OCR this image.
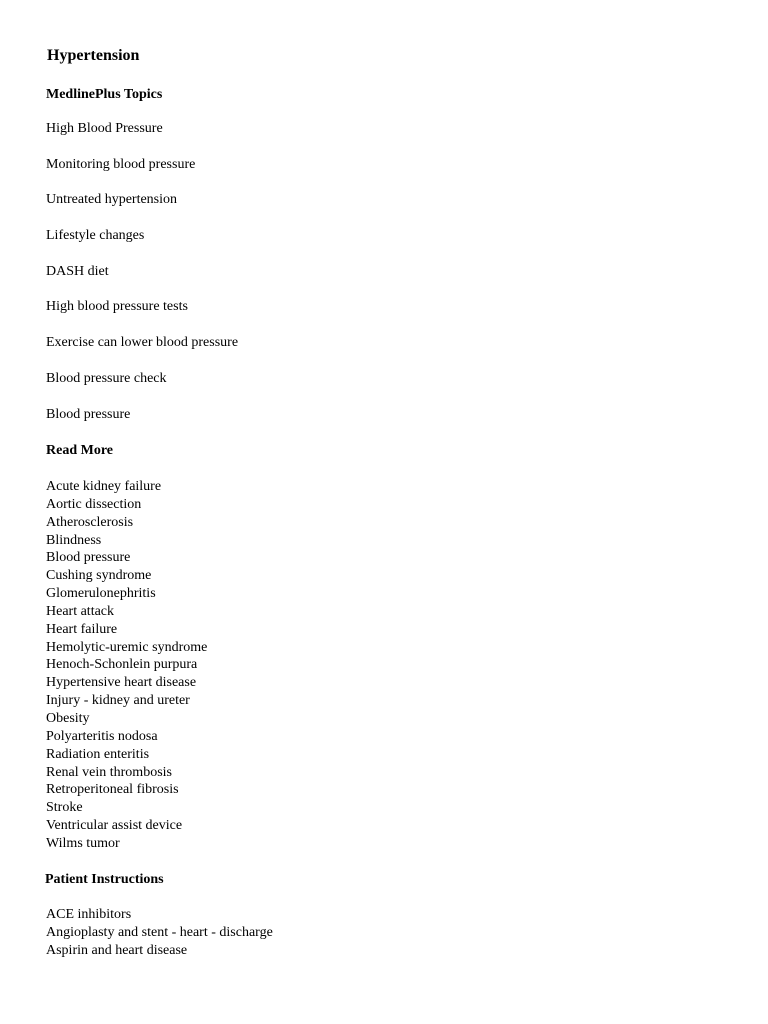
Hypertension
MedlinePlus Topics
High Blood Pressure
Monitoring blood pressure
Untreated hypertension
Lifestyle changes
DASH diet
High blood pressure tests
Exercise can lower blood pressure
Blood pressure check
Blood pressure
Read More
Acute kidney failure
Aortic dissection
Atherosclerosis
Blindness
Blood pressure
Cushing syndrome
Glomerulonephritis
Heart attack
Heart failure
Hemolytic-uremic syndrome
Henoch-Schonlein purpura
Hypertensive heart disease
Injury - kidney and ureter
Obesity
Polyarteritis nodosa
Radiation enteritis
Renal vein thrombosis
Retroperitoneal fibrosis
Stroke
Ventricular assist device
Wilms tumor
Patient Instructions
ACE inhibitors
Angioplasty and stent - heart - discharge
Aspirin and heart disease
